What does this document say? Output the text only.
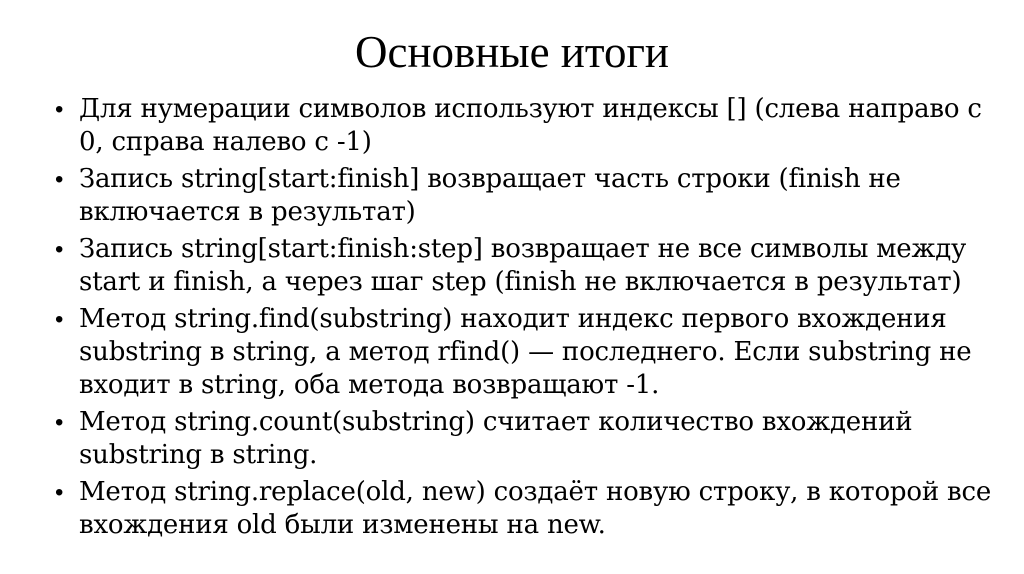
Основные итоги
• Для нумерации символов используют индексы [] (слева направо с 0, справа налево с -1)
• Запись string[start:finish] возвращает часть строки (finish не включается в результат)
• Запись string[start:finish:step] возвращает не все символы между start и finish, а через шаг step (finish не включается в результат)
• Метод string.find(substring) находит индекс первого вхождения substring в string, а метод rfind() — последнего. Если substring не входит в string, оба метода возвращают -1.
• Метод string.count(substring) считает количество вхождений substring в string.
• Метод string.replace(old, new) создаёт новую строку, в которой все вхождения old были изменены на new.
